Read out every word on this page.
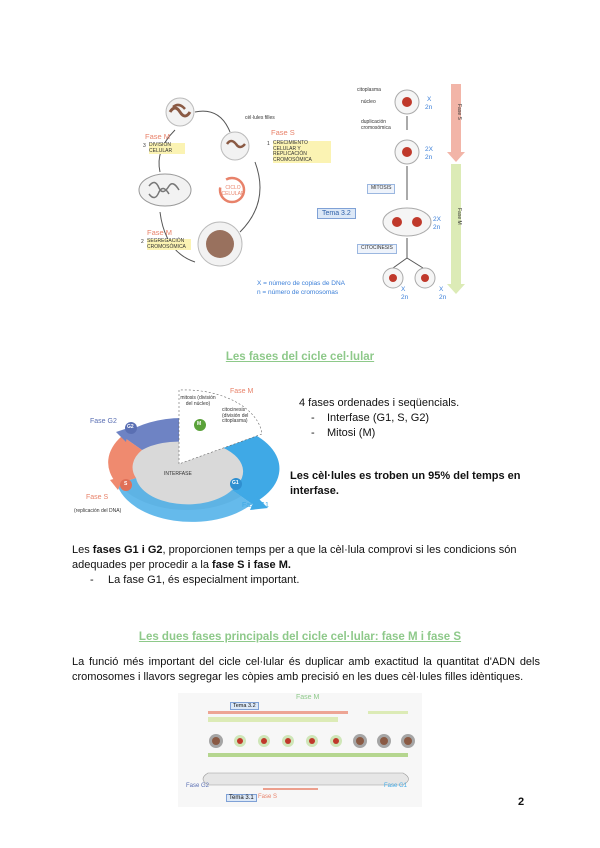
cèl·lules filles
Fase M
3 DIVISIÓN CELULAR
Fase S
1 CRECIMIENTO CELULAR Y REPLICACIÓN CROMOSÓMICA
CICLO CELULAR
Fase M
2 SEGREGACIÓN CROMOSÓMICA
citoplasma
núcleo	X
2n
duplicación cromosómica
2X
2n
MITOSIS
Tema 3.2
2X
2n
CITOCINESIS
X
2n
X
2n
Fase S
Fase M
X = número de copias de DNA
n = número de cromosomas
Les fases del cicle cel·lular
Fase M
mitosis (división del núcleo)
citocinesis (división del citoplasma)
M
Fase G2
G2
INTERFASE
G1
S
Fase S
(replicación del DNA)
Fase G1
4 fases ordenades i seqüencials.
-	Interfase (G1, S, G2)
-	Mitosi (M)
Les cèl·lules es troben un 95% del temps en interfase.
Les fases G1 i G2, proporcionen temps per a que la cèl·lula comprovi si les condicions són adequades per procedir a la fase S i fase M.
-	La fase G1, és especialment important.
Les dues fases principals del cicle cel·lular: fase M i fase S
La funció més important del cicle cel·lular és duplicar amb exactitud la quantitat d'ADN dels cromosomes i llavors segregar les còpies amb precisió en les dues cèl·lules filles idèntiques.
Tema 3.2
Fase M
Fase G2	Fase G1
Tema 3.1 Fase S	2
